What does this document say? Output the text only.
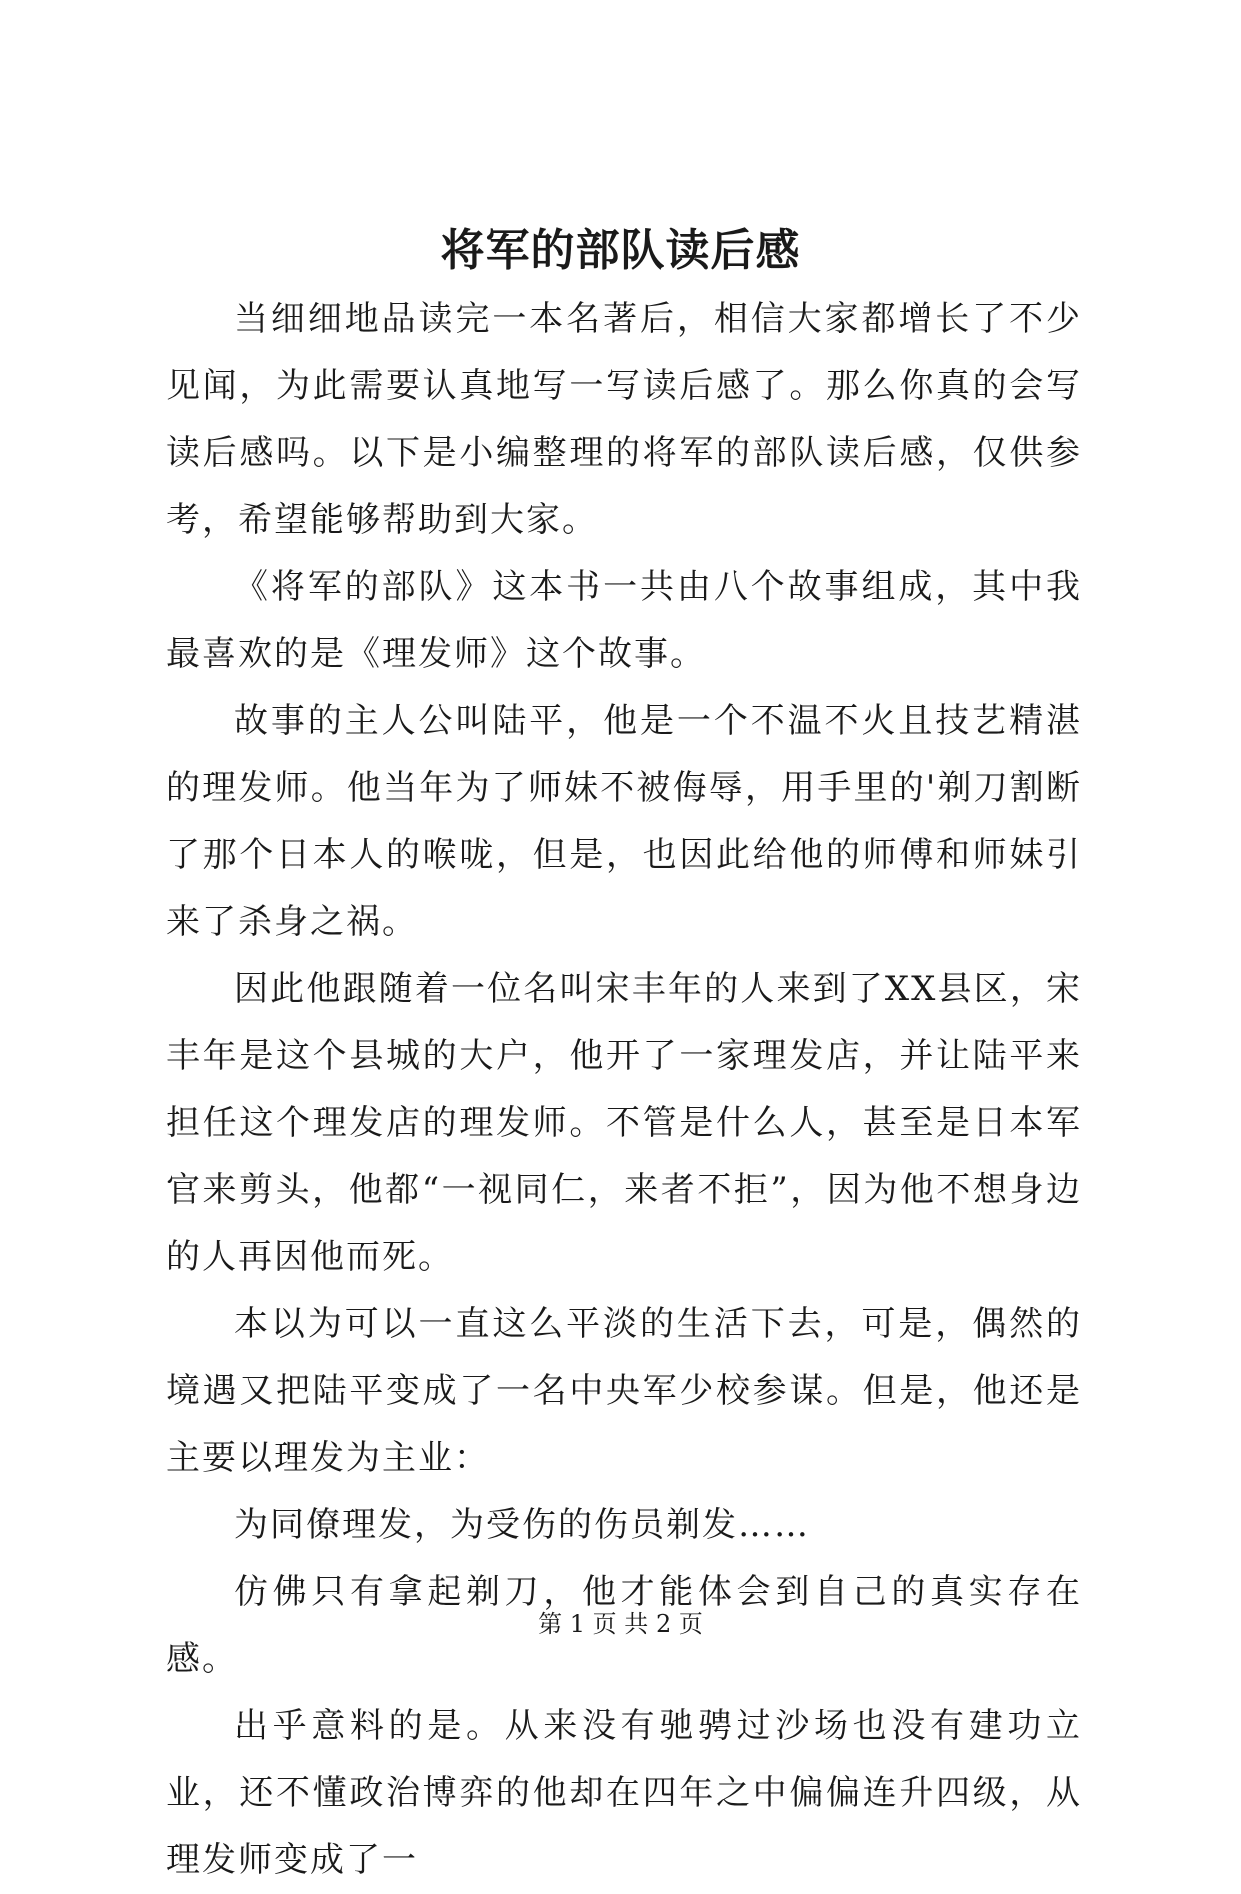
将军的部队读后感

当细细地品读完一本名著后，相信大家都增长了不少见闻，为此需要认真地写一写读后感了。那么你真的会写读后感吗。以下是小编整理的将军的部队读后感，仅供参考，希望能够帮助到大家。

《将军的部队》这本书一共由八个故事组成，其中我最喜欢的是《理发师》这个故事。

故事的主人公叫陆平，他是一个不温不火且技艺精湛的理发师。他当年为了师妹不被侮辱，用手里的'剃刀割断了那个日本人的喉咙，但是，也因此给他的师傅和师妹引来了杀身之祸。

因此他跟随着一位名叫宋丰年的人来到了XX县区，宋丰年是这个县城的大户，他开了一家理发店，并让陆平来担任这个理发店的理发师。不管是什么人，甚至是日本军官来剪头，他都“一视同仁，来者不拒”，因为他不想身边的人再因他而死。

本以为可以一直这么平淡的生活下去，可是，偶然的境遇又把陆平变成了一名中央军少校参谋。但是，他还是主要以理发为主业：

为同僚理发，为受伤的伤员剃发……

仿佛只有拿起剃刀，他才能体会到自己的真实存在感。

出乎意料的是。从来没有驰骋过沙场也没有建功立业，还不懂政治博弈的他却在四年之中偏偏连升四级，从理发师变成了一

第 1 页 共 2 页
